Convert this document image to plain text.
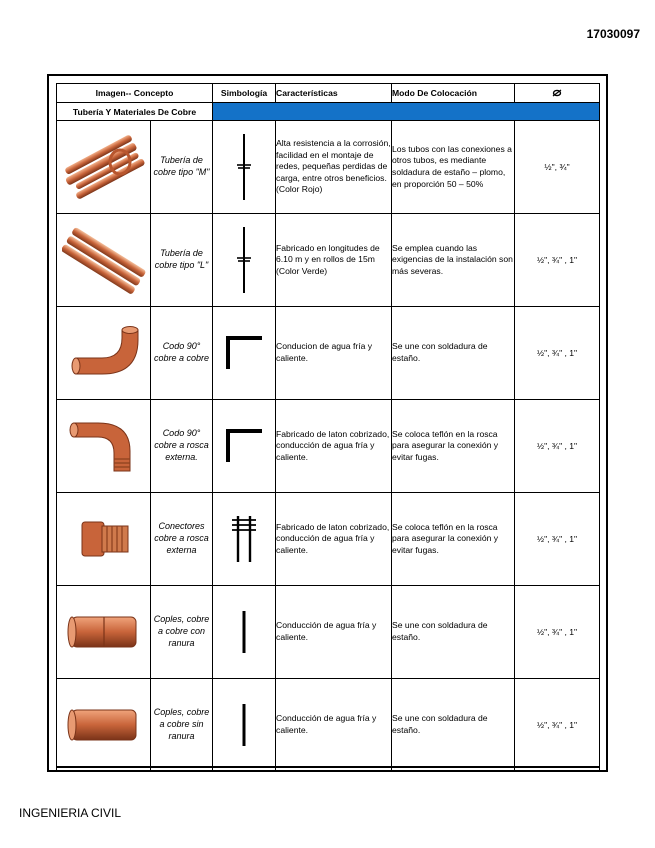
17030097
Imagen-- Concepto		Simbología	Características	Modo De Colocación	

Tubería Y Materiales De Cobre					

	Tubería de cobre tipo "M"		Alta resistencia a la corrosión, facilidad en el montaje de redes, pequeñas perdidas de carga, entre otros beneficios. (Color Rojo)	Los tubos con las conexiones a otros tubos, es mediante soldadura de estaño – plomo, en proporción 50 – 50%	½", ¾"

	Tubería de cobre tipo "L"		Fabricado en longitudes de 6.10 m y en rollos de 15m (Color Verde)	Se emplea cuando las exigencias de la instalación son más severas.	½", ¾" , 1"

	Codo 90° cobre a cobre		Conducion de agua fría y caliente.	Se une con soldadura de estaño.	½", ¾" , 1"

	Codo 90° cobre a rosca externa.		Fabricado de laton cobrizado, conducción de agua fría y caliente.	Se coloca teflón en la rosca para asegurar la conexión y evitar fugas.	½", ¾" , 1"

	Conectores cobre a rosca externa		Fabricado de laton cobrizado, conducción de agua fría y caliente.	Se coloca teflón en la rosca para asegurar la conexión y evitar fugas.	½", ¾" , 1"

	Coples, cobre a cobre con ranura		Conducción de agua fría y caliente.	Se une con soldadura de estaño.	½", ¾" , 1"

	Coples, cobre a cobre sin ranura		Conducción de agua fría y caliente.	Se une con soldadura de estaño.	½", ¾" , 1"
INGENIERIA CIVIL
